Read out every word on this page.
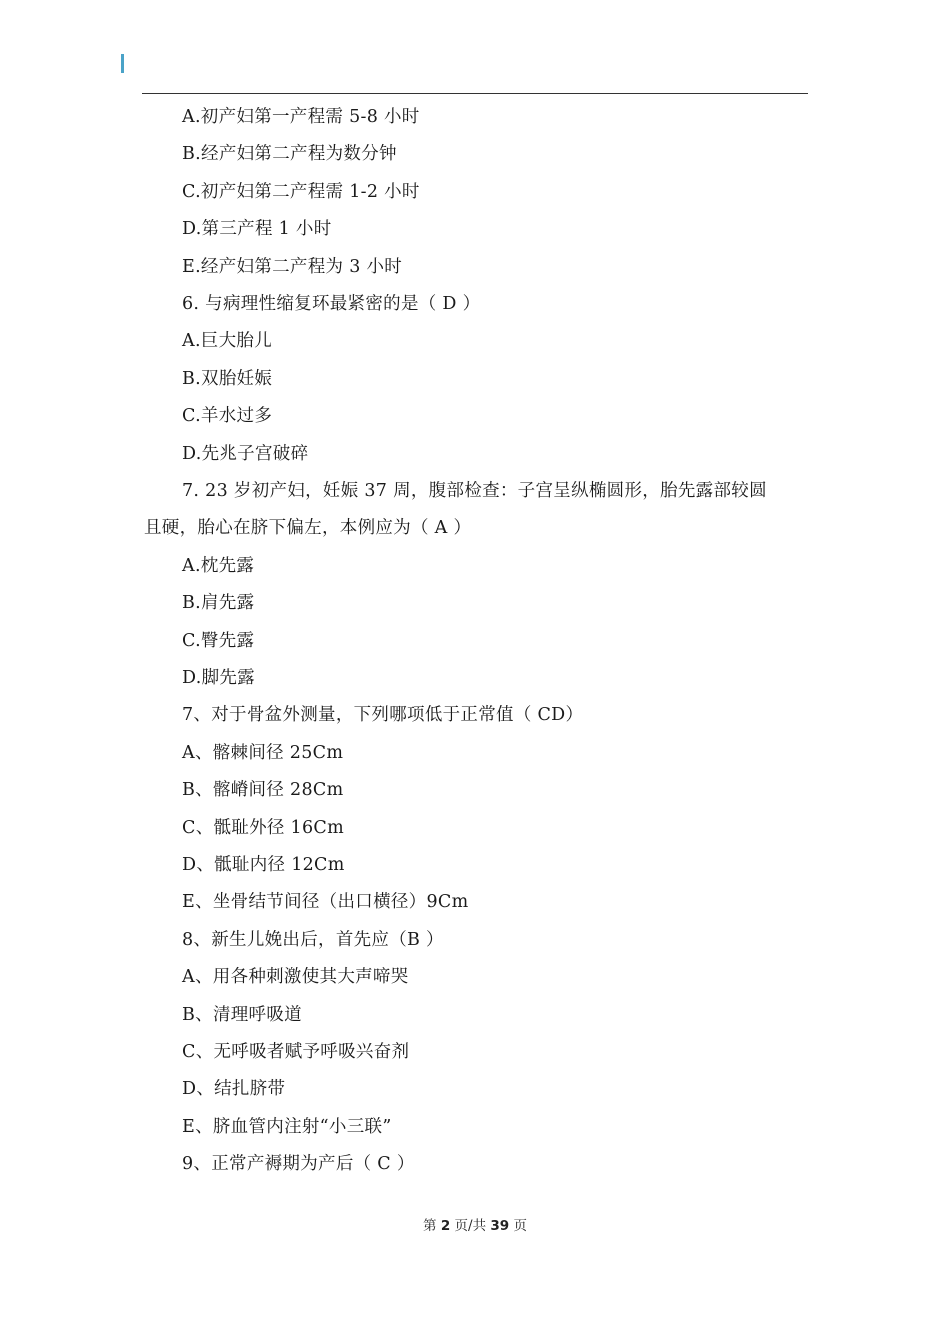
A.初产妇第一产程需 5-8 小时
B.经产妇第二产程为数分钟
C.初产妇第二产程需 1-2 小时
D.第三产程 1 小时
E.经产妇第二产程为 3 小时
6. 与病理性缩复环最紧密的是（ D ）
A.巨大胎儿
B.双胎妊娠
C.羊水过多
D.先兆子宫破碎
7. 23 岁初产妇，妊娠 37 周，腹部检查：子宫呈纵椭圆形，胎先露部较圆
且硬，胎心在脐下偏左，本例应为（ A ）
A.枕先露
B.肩先露
C.臀先露
D.脚先露
7、对于骨盆外测量，下列哪项低于正常值（ CD）
A、髂棘间径 25Cm
B、髂嵴间径 28Cm
C、骶耻外径 16Cm
D、骶耻内径 12Cm
E、坐骨结节间径（出口横径）9Cm
8、新生儿娩出后，首先应（B ）
A、用各种刺激使其大声啼哭
B、清理呼吸道
C、无呼吸者赋予呼吸兴奋剂
D、结扎脐带
E、脐血管内注射“小三联”
9、正常产褥期为产后（ C ）
第 2 页/共 39 页
